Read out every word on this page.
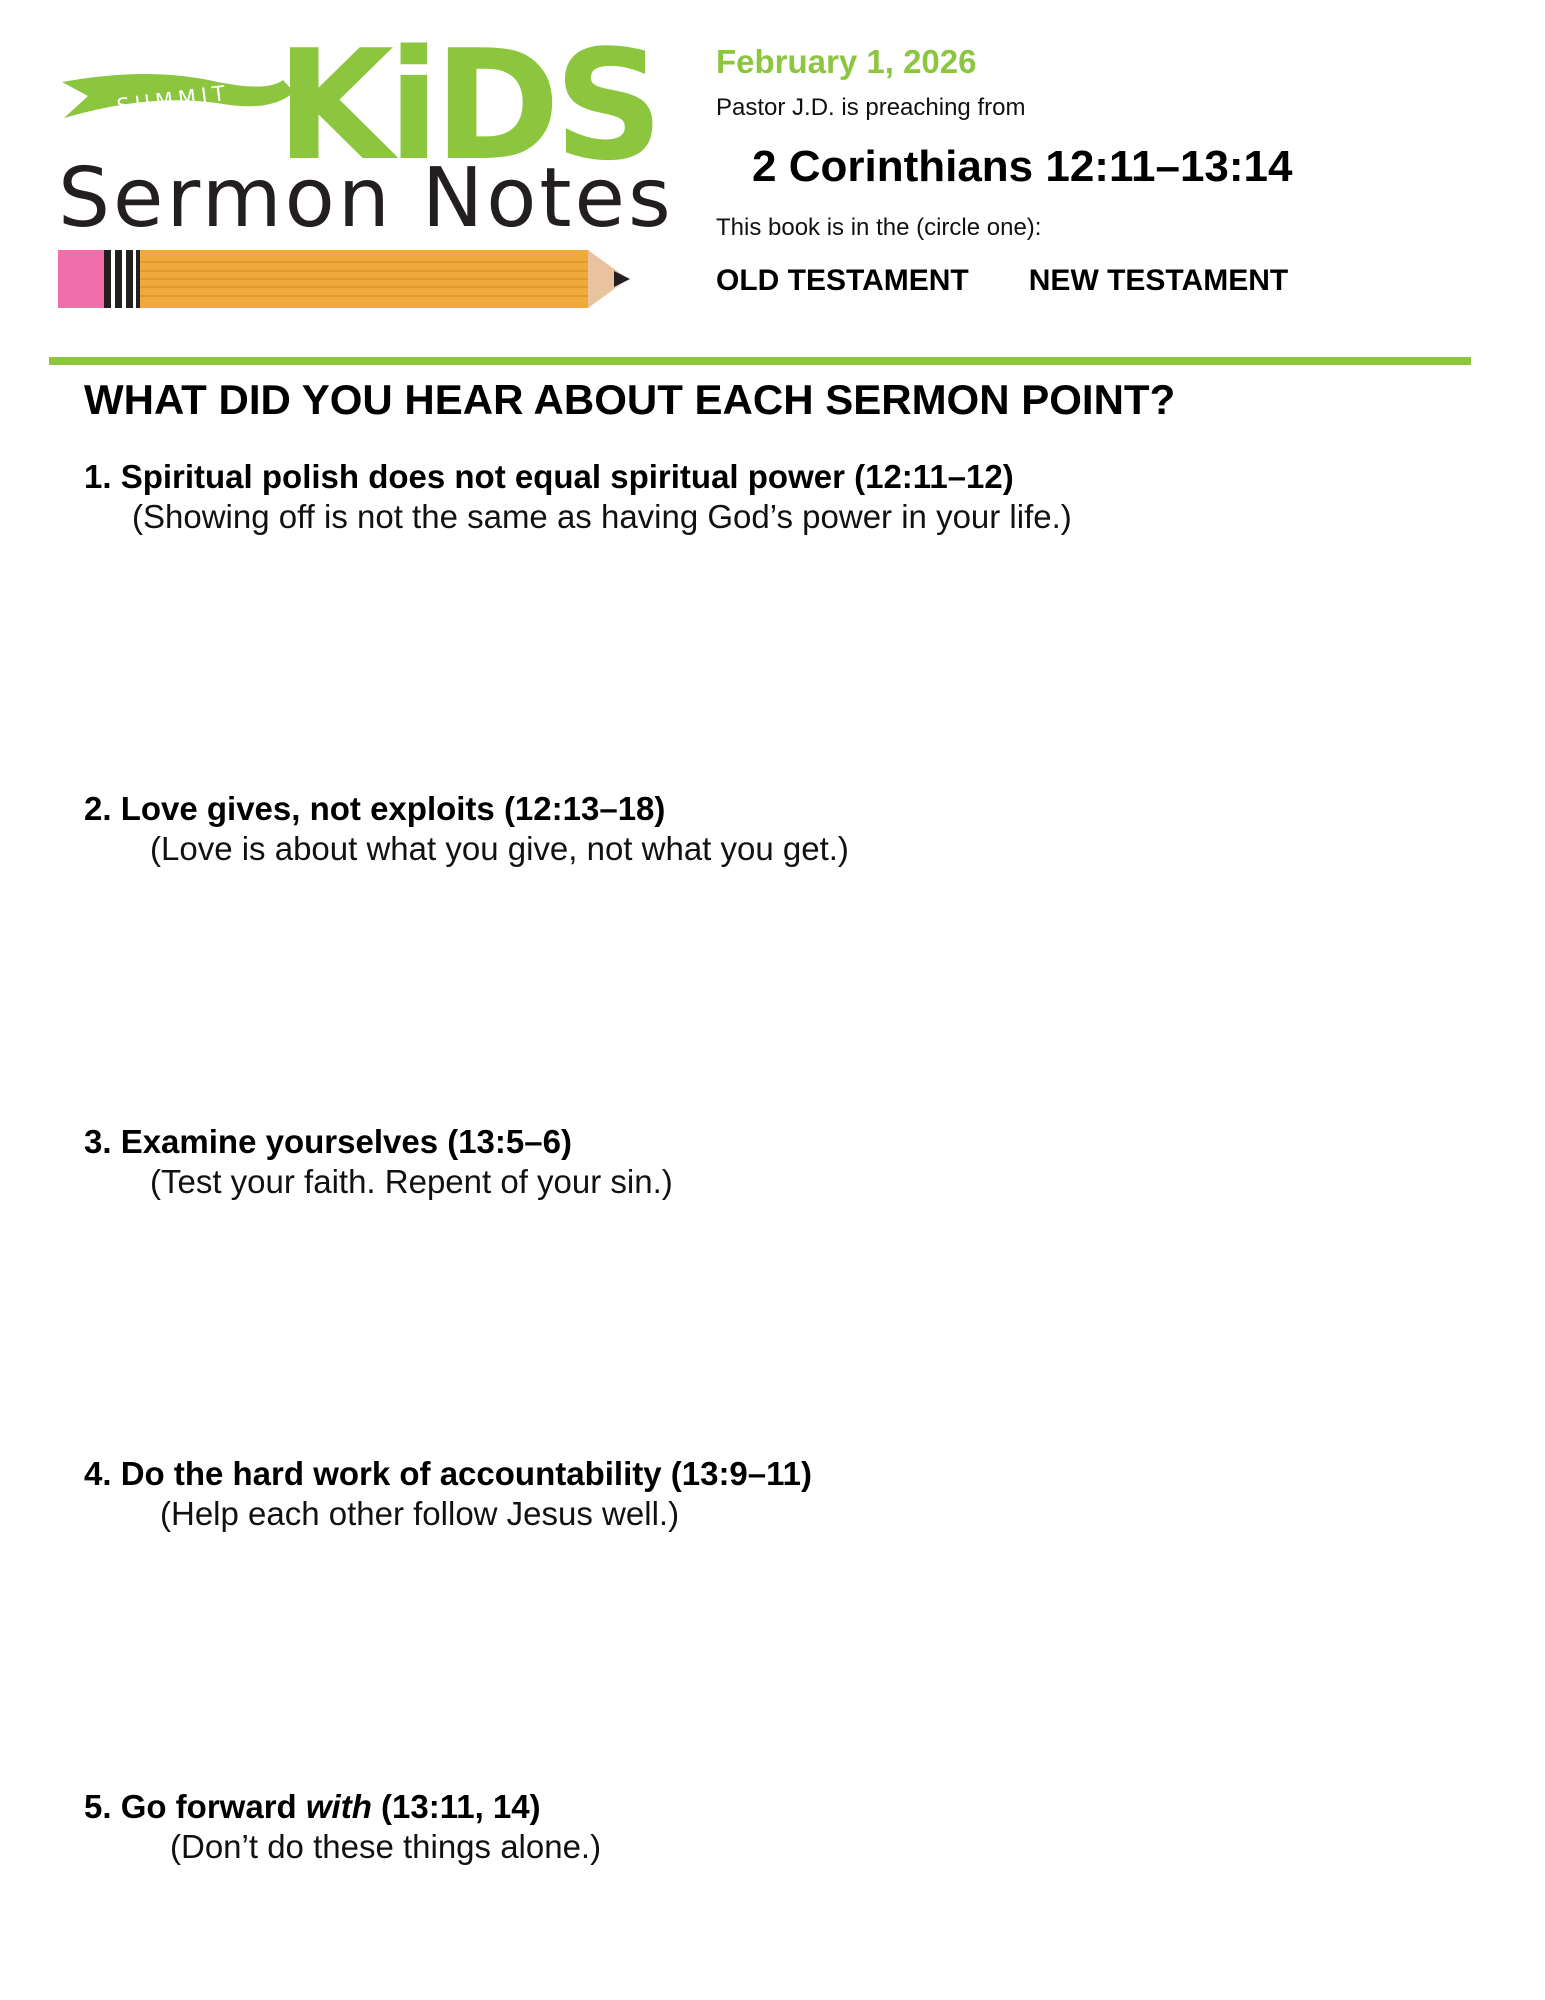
SUMMIT KiDS
Sermon Notes
February 1, 2026
Pastor J.D. is preaching from
2 Corinthians 12:11–13:14
This book is in the (circle one):
OLD TESTAMENT NEW TESTAMENT
WHAT DID YOU HEAR ABOUT EACH SERMON POINT?
1. Spiritual polish does not equal spiritual power (12:11–12)
(Showing off is not the same as having God’s power in your life.)
2. Love gives, not exploits (12:13–18)
(Love is about what you give, not what you get.)
3. Examine yourselves (13:5–6)
(Test your faith. Repent of your sin.)
4. Do the hard work of accountability (13:9–11)
(Help each other follow Jesus well.)
5. Go forward with (13:11, 14)
(Don’t do these things alone.)
